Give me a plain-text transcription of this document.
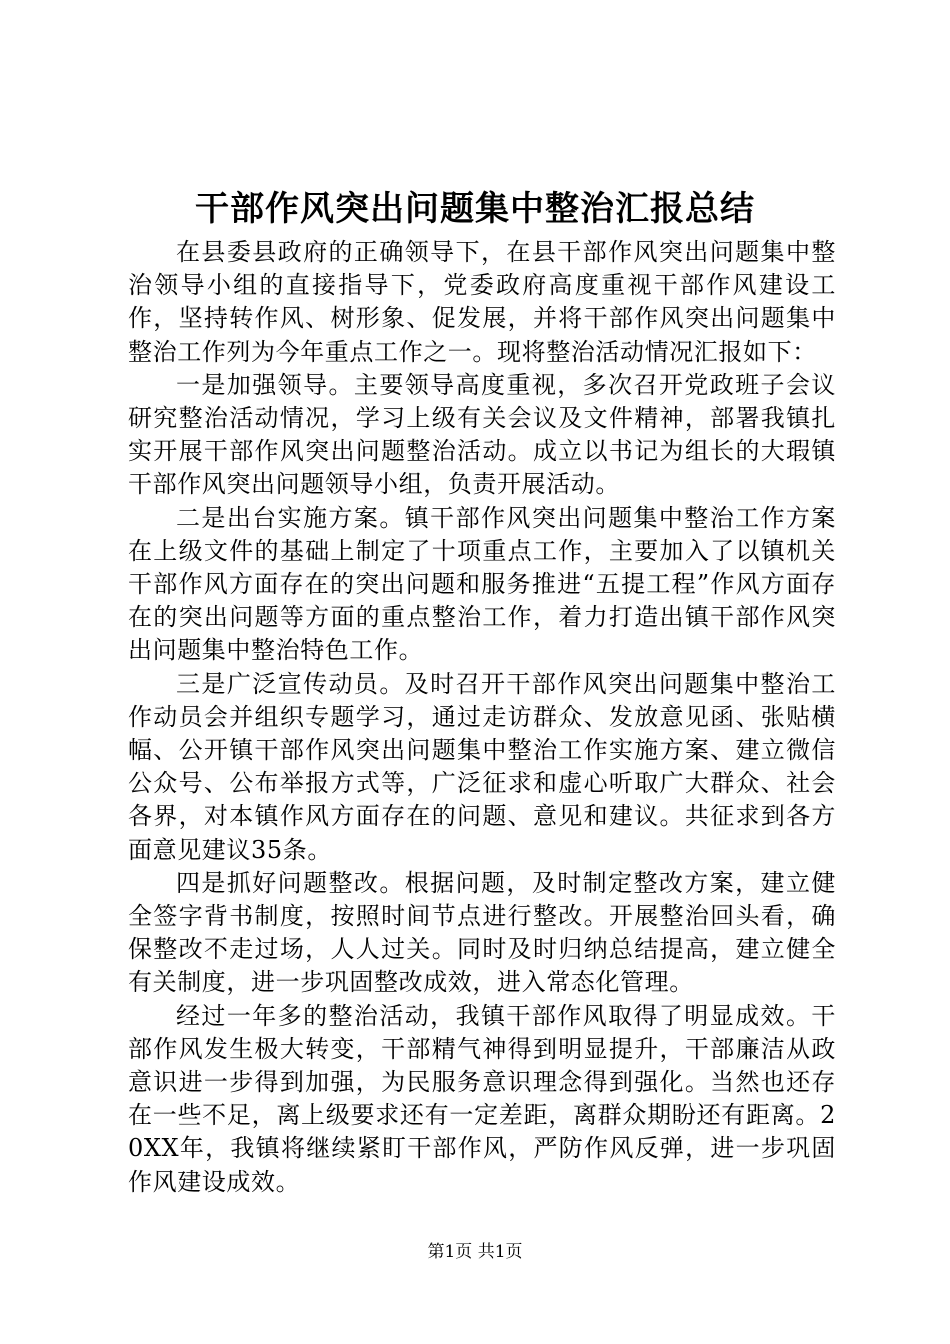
干部作风突出问题集中整治汇报总结

在县委县政府的正确领导下，在县干部作风突出问题集中整治领导小组的直接指导下，党委政府高度重视干部作风建设工作，坚持转作风、树形象、促发展，并将干部作风突出问题集中整治工作列为今年重点工作之一。现将整治活动情况汇报如下：

一是加强领导。主要领导高度重视，多次召开党政班子会议研究整治活动情况，学习上级有关会议及文件精神，部署我镇扎实开展干部作风突出问题整治活动。成立以书记为组长的大瑕镇干部作风突出问题领导小组，负责开展活动。

二是出台实施方案。镇干部作风突出问题集中整治工作方案在上级文件的基础上制定了十项重点工作，主要加入了以镇机关干部作风方面存在的突出问题和服务推进“五提工程”作风方面存在的突出问题等方面的重点整治工作，着力打造出镇干部作风突出问题集中整治特色工作。

三是广泛宣传动员。及时召开干部作风突出问题集中整治工作动员会并组织专题学习，通过走访群众、发放意见函、张贴横幅、公开镇干部作风突出问题集中整治工作实施方案、建立微信公众号、公布举报方式等，广泛征求和虚心听取广大群众、社会各界，对本镇作风方面存在的问题、意见和建议。共征求到各方面意见建议35条。

四是抓好问题整改。根据问题，及时制定整改方案，建立健全签字背书制度，按照时间节点进行整改。开展整治回头看，确保整改不走过场，人人过关。同时及时归纳总结提高，建立健全有关制度，进一步巩固整改成效，进入常态化管理。

经过一年多的整治活动，我镇干部作风取得了明显成效。干部作风发生极大转变，干部精气神得到明显提升，干部廉洁从政意识进一步得到加强，为民服务意识理念得到强化。当然也还存在一些不足，离上级要求还有一定差距，离群众期盼还有距离。20XX年，我镇将继续紧盯干部作风，严防作风反弹，进一步巩固作风建设成效。

第1页 共1页
